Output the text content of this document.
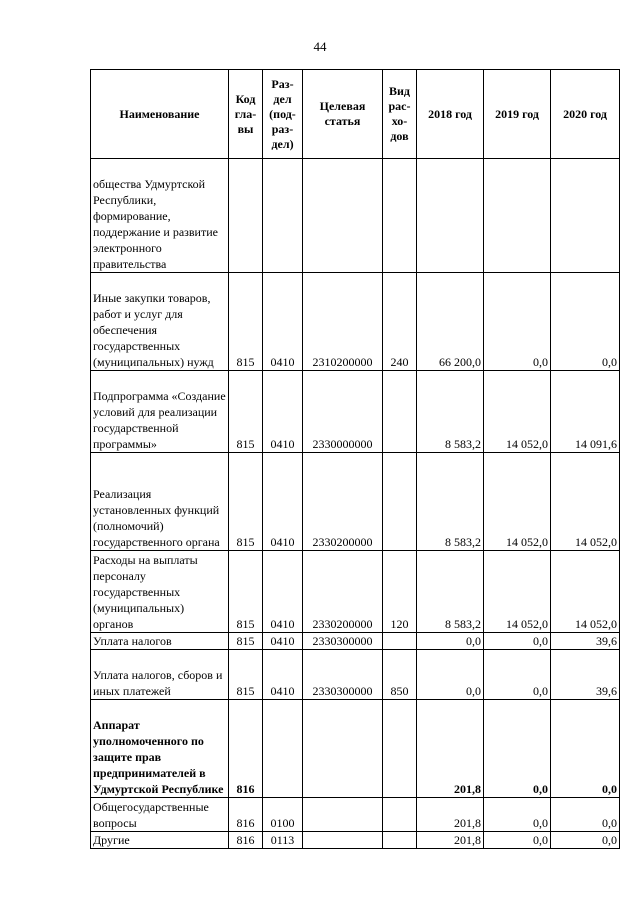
44
Наименование	Код гла- вы	Раз- дел (под- раз- дел)	Целевая статья	Вид рас- хо- дов	2018 год	2019 год	2020 год
общества Удмуртской Республики, формирование, поддержание и развитие электронного правительства							
Иные закупки товаров, работ и услуг для обеспечения государственных (муниципальных) нужд	815	0410	2310200000	240	66 200,0	0,0	0,0
Подпрограмма «Создание условий для реализации государственной программы»	815	0410	2330000000		8 583,2	14 052,0	14 091,6
Реализация установленных функций (полномочий) государственного органа	815	0410	2330200000		8 583,2	14 052,0	14 052,0
Расходы на выплаты персоналу государственных (муниципальных) органов	815	0410	2330200000	120	8 583,2	14 052,0	14 052,0
Уплата налогов	815	0410	2330300000		0,0	0,0	39,6
Уплата налогов, сборов и иных платежей	815	0410	2330300000	850	0,0	0,0	39,6
Аппарат уполномоченного по защите прав предпринимателей в Удмуртской Республике	816				201,8	0,0	0,0
Общегосударственные вопросы	816	0100			201,8	0,0	0,0
Другие	816	0113			201,8	0,0	0,0
